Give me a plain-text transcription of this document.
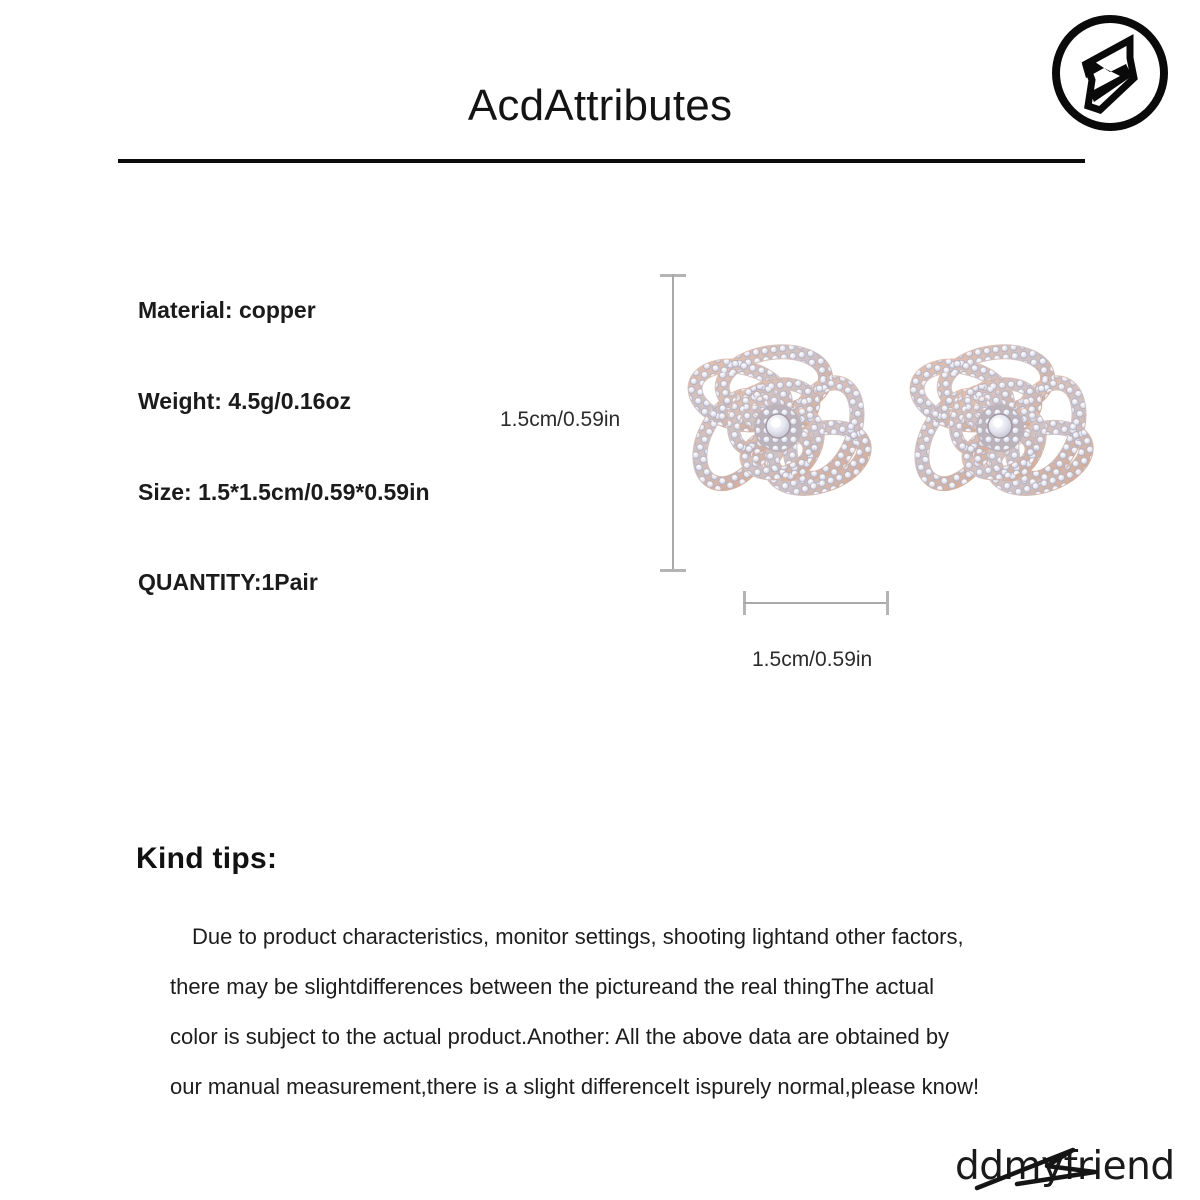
AcdAttributes
Material: copper
Weight: 4.5g/0.16oz
Size: 1.5*1.5cm/0.59*0.59in
QUANTITY:1Pair
1.5cm/0.59in
1.5cm/0.59in
Kind tips:
Due to product characteristics, monitor settings, shooting lightand other factors,
there may be slightdifferences between the pictureand the real thingThe actual
color is subject to the actual product.Another: All the above data are obtained by
our manual measurement,there is a slight differenceIt ispurely normal,please know!
ddmyfriend
